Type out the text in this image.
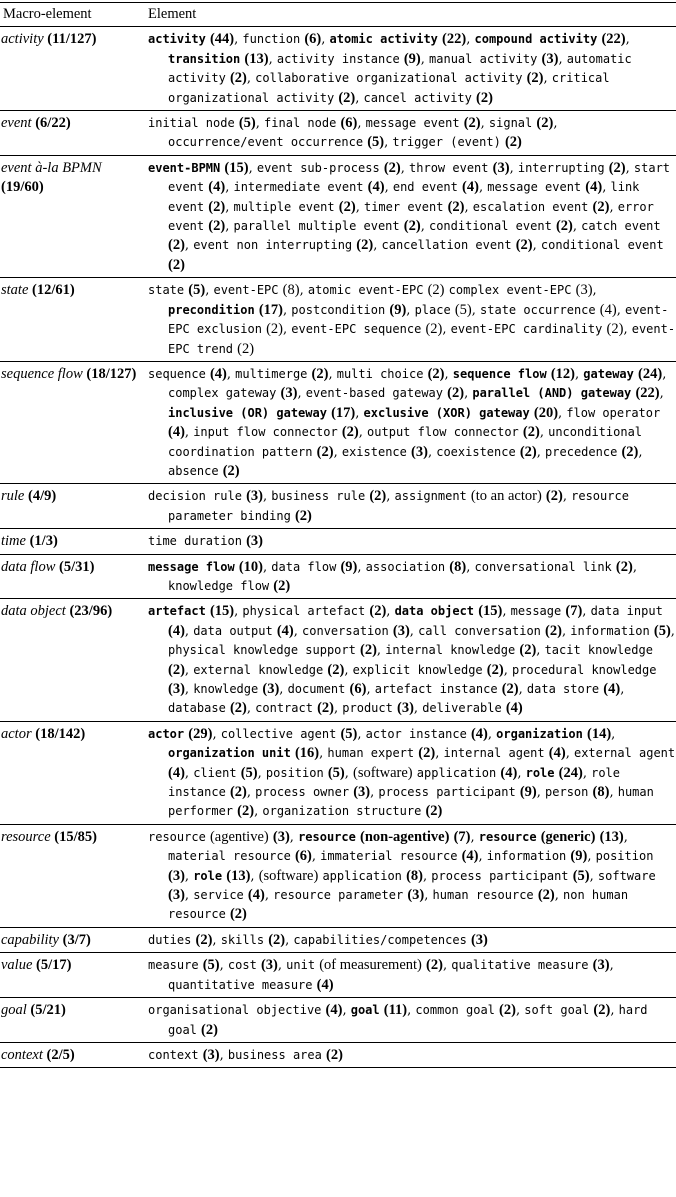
Macro-element	Element
activity (11/127)	activity (44), function (6), atomic activity (22), compound activity (22), transition (13), activity instance (9), manual activity (3), automatic activity (2), collaborative organizational activity (2), critical organizational activity (2), cancel activity (2)

event (6/22)	initial node (5), final node (6), message event (2), signal (2), occurrence/event occurrence (5), trigger (event) (2)

event à-la BPMN (19/60)	event-BPMN (15), event sub-process (2), throw event (3), interrupting (2), start event (4), intermediate event (4), end event (4), message event (4), link event (2), multiple event (2), timer event (2), escalation event (2), error event (2), parallel multiple event (2), conditional event (2), catch event (2), event non interrupting (2), cancellation event (2), conditional event (2)

state (12/61)	state (5), event-EPC (8), atomic event-EPC (2) complex event-EPC (3), precondition (17), postcondition (9), place (5), state occurrence (4), event-EPC exclusion (2), event-EPC sequence (2), event-EPC cardinality (2), event-EPC trend (2)

sequence flow (18/127)	sequence (4), multimerge (2), multi choice (2), sequence flow (12), gateway (24), complex gateway (3), event-based gateway (2), parallel (AND) gateway (22), inclusive (OR) gateway (17), exclusive (XOR) gateway (20), flow operator (4), input flow connector (2), output flow connector (2), unconditional coordination pattern (2), existence (3), coexistence (2), precedence (2), absence (2)

rule (4/9)	decision rule (3), business rule (2), assignment (to an actor) (2), resource parameter binding (2)

time (1/3)	time duration (3)

data flow (5/31)	message flow (10), data flow (9), association (8), conversational link (2), knowledge flow (2)

data object (23/96)	artefact (15), physical artefact (2), data object (15), message (7), data input (4), data output (4), conversation (3), call conversation (2), information (5), physical knowledge support (2), internal knowledge (2), tacit knowledge (2), external knowledge (2), explicit knowledge (2), procedural knowledge (3), knowledge (3), document (6), artefact instance (2), data store (4), database (2), contract (2), product (3), deliverable (4)

actor (18/142)	actor (29), collective agent (5), actor instance (4), organization (14), organization unit (16), human expert (2), internal agent (4), external agent (4), client (5), position (5), (software) application (4), role (24), role instance (2), process owner (3), process participant (9), person (8), human performer (2), organization structure (2)

resource (15/85)	resource (agentive) (3), resource (non-agentive) (7), resource (generic) (13), material resource (6), immaterial resource (4), information (9), position (3), role (13), (software) application (8), process participant (5), software (3), service (4), resource parameter (3), human resource (2), non human resource (2)

capability (3/7)	duties (2), skills (2), capabilities/competences (3)

value (5/17)	measure (5), cost (3), unit (of measurement) (2), qualitative measure (3), quantitative measure (4)

goal (5/21)	organisational objective (4), goal (11), common goal (2), soft goal (2), hard goal (2)

context (2/5)	context (3), business area (2)
